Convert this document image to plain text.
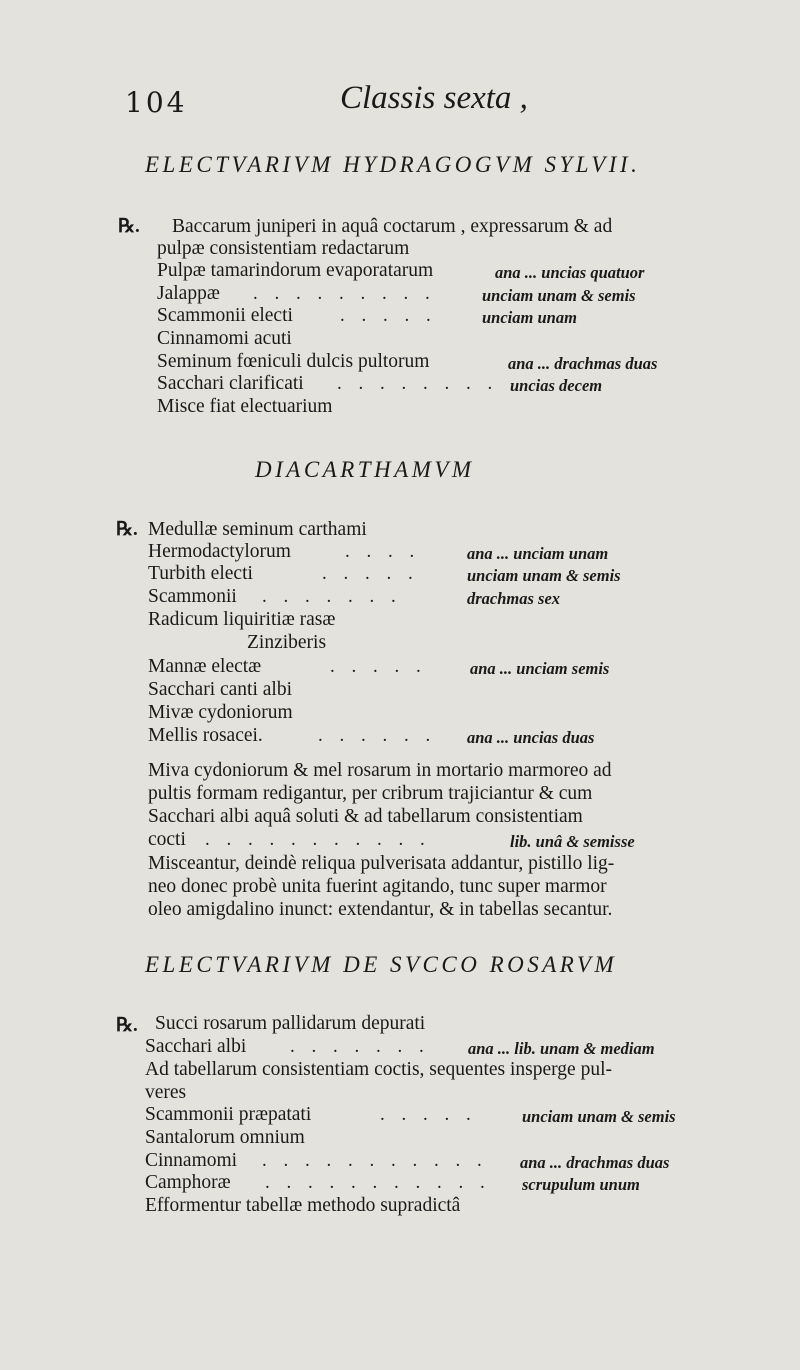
104	Classis sexta ,
ELECTVARIVM HYDRAGOGVM SYLVII.
℞. Baccarum juniperi in aquâ coctarum , expressarum & ad
pulpæ consistentiam redactarum
Pulpæ tamarindorum evaporatarum	ana ... uncias quatuor
Jalappæ . . . . . . . . .	unciam unam & semis
Scammonii electi . . . . .	unciam unam
Cinnamomi acuti
Seminum fœniculi dulcis pultorum	ana ... drachmas duas
Sacchari clarificati . . . . . . . . uncias decem
Misce fiat electuarium
DIACARTHAMVM
℞. Medullæ seminum carthami
Hermodactylorum	. . . .	ana ... unciam unam
Turbith electi	. . . . .	unciam unam & semis
Scammonii . . . . . . .	drachmas sex
Radicum liquiritiæ rasæ
Zinziberis
Mannæ electæ	. . . . .	ana ... unciam semis
Sacchari canti albi
Mivæ cydoniorum
Mellis rosacei.	. . . . . . ana ... uncias duas
Miva cydoniorum & mel rosarum in mortario marmoreo ad
pultis formam redigantur, per cribrum trajiciantur & cum
Sacchari albi aquâ soluti & ad tabellarum consistentiam
cocti . . . . . . . . . . .	lib. unâ & semisse
Misceantur, deindè reliqua pulverisata addantur, pistillo lig-
neo donec probè unita fuerint agitando, tunc super marmor
oleo amigdalino inunct: extendantur, & in tabellas secantur.
ELECTVARIVM DE SVCCO ROSARVM
℞. Succi rosarum pallidarum depurati
Sacchari albi . . . . . . . ana ... lib. unam & mediam
Ad tabellarum consistentiam coctis, sequentes insperge pul-
veres
Scammonii præpatati	. . . . .	unciam unam & semis
Santalorum omnium
Cinnamomi . . . . . . . . . . . ana ... drachmas duas
Camphoræ . . . . . . . . . . . scrupulum unum
Efformentur tabellæ methodo supradictâ
